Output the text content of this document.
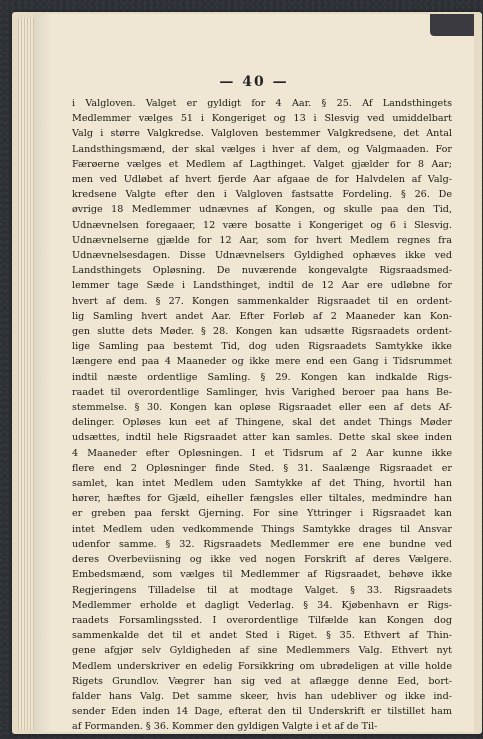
— 40 —
i Valgloven. Valget er gyldigt for 4 Aar. § 25. Af Landsthingets
Medlemmer vælges 51 i Kongeriget og 13 i Slesvig ved umiddelbart
Valg i større Valgkredse. Valgloven bestemmer Valgkredsene, det Antal
Landsthingsmænd, der skal vælges i hver af dem, og Valgmaaden. For
Færøerne vælges et Medlem af Lagthinget. Valget gjælder for 8 Aar;
men ved Udløbet af hvert fjerde Aar afgaae de for Halvdelen af Valg-
kredsene Valgte efter den i Valgloven fastsatte Fordeling. § 26. De
øvrige 18 Medlemmer udnævnes af Kongen, og skulle paa den Tid,
Udnævnelsen foregaaer, 12 være bosatte i Kongeriget og 6 i Slesvig.
Udnævnelserne gjælde for 12 Aar, som for hvert Medlem regnes fra
Udnævnelsesdagen. Disse Udnævnelsers Gyldighed ophæves ikke ved
Landsthingets Opløsning. De nuværende kongevalgte Rigsraadsmed-
lemmer tage Sæde i Landsthinget, indtil de 12 Aar ere udløbne for
hvert af dem. § 27. Kongen sammenkalder Rigsraadet til en ordent-
lig Samling hvert andet Aar. Efter Forløb af 2 Maaneder kan Kon-
gen slutte dets Møder. § 28. Kongen kan udsætte Rigsraadets ordent-
lige Samling paa bestemt Tid, dog uden Rigsraadets Samtykke ikke
længere end paa 4 Maaneder og ikke mere end een Gang i Tidsrummet
indtil næste ordentlige Samling. § 29. Kongen kan indkalde Rigs-
raadet til overordentlige Samlinger, hvis Varighed beroer paa hans Be-
stemmelse. § 30. Kongen kan opløse Rigsraadet eller een af dets Af-
delinger. Opløses kun eet af Thingene, skal det andet Things Møder
udsættes, indtil hele Rigsraadet atter kan samles. Dette skal skee inden
4 Maaneder efter Opløsningen. I et Tidsrum af 2 Aar kunne ikke
flere end 2 Opløsninger finde Sted. § 31. Saalænge Rigsraadet er
samlet, kan intet Medlem uden Samtykke af det Thing, hvortil han
hører, hæftes for Gjæld, eiheller fængsles eller tiltales, medmindre han
er greben paa ferskt Gjerning. For sine Yttringer i Rigsraadet kan
intet Medlem uden vedkommende Things Samtykke drages til Ansvar
udenfor samme. § 32. Rigsraadets Medlemmer ere ene bundne ved
deres Overbeviisning og ikke ved nogen Forskrift af deres Vælgere.
Embedsmænd, som vælges til Medlemmer af Rigsraadet, behøve ikke
Regjeringens Tilladelse til at modtage Valget. § 33. Rigsraadets
Medlemmer erholde et dagligt Vederlag. § 34. Kjøbenhavn er Rigs-
raadets Forsamlingssted. I overordentlige Tilfælde kan Kongen dog
sammenkalde det til et andet Sted i Riget. § 35. Ethvert af Thin-
gene afgjør selv Gyldigheden af sine Medlemmers Valg. Ethvert nyt
Medlem underskriver en edelig Forsikkring om ubrødeligen at ville holde
Rigets Grundlov. Vægrer han sig ved at aflægge denne Eed, bort-
falder hans Valg. Det samme skeer, hvis han udebliver og ikke ind-
sender Eden inden 14 Dage, efterat den til Underskrift er tilstillet ham
af Formanden. § 36. Kommer den gyldigen Valgte i et af de Til-
